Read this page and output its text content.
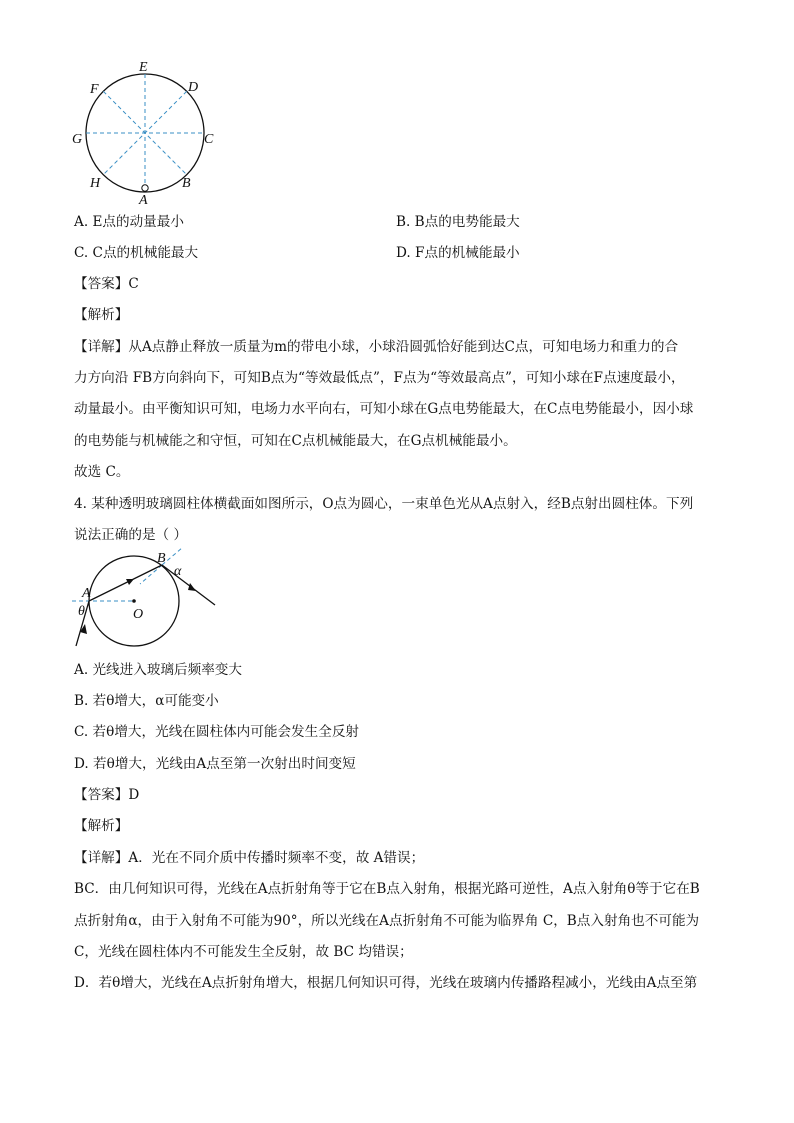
E
D
F
G	C
H	B
A
A. E点的动量最小	B. B点的电势能最大
C. C点的机械能最大	D. F点的机械能最小
【答案】C
【解析】
【详解】从A点静止释放一质量为m的带电小球，小球沿圆弧恰好能到达C点，可知电场力和重力的合
力方向沿 FB方向斜向下，可知B点为“等效最低点”，F点为“等效最高点”，可知小球在F点速度最小，
动量最小。由平衡知识可知，电场力水平向右，可知小球在G点电势能最大，在C点电势能最小，因小球
的电势能与机械能之和守恒，可知在C点机械能最大，在G点机械能最小。
故选 C。
4. 某种透明玻璃圆柱体横截面如图所示，O点为圆心，一束单色光从A点射入，经B点射出圆柱体。下列
说法正确的是（ ）
A
θ
B
α
O
A. 光线进入玻璃后频率变大
B. 若θ增大，α可能变小
C. 若θ增大，光线在圆柱体内可能会发生全反射
D. 若θ增大，光线由A点至第一次射出时间变短
【答案】D
【解析】
【详解】A．光在不同介质中传播时频率不变，故 A错误；
BC．由几何知识可得，光线在A点折射角等于它在B点入射角，根据光路可逆性，A点入射角θ等于它在B
点折射角α，由于入射角不可能为90°，所以光线在A点折射角不可能为临界角 C，B点入射角也不可能为
C，光线在圆柱体内不可能发生全反射，故 BC 均错误；
D．若θ增大，光线在A点折射角增大，根据几何知识可得，光线在玻璃内传播路程减小，光线由A点至第
